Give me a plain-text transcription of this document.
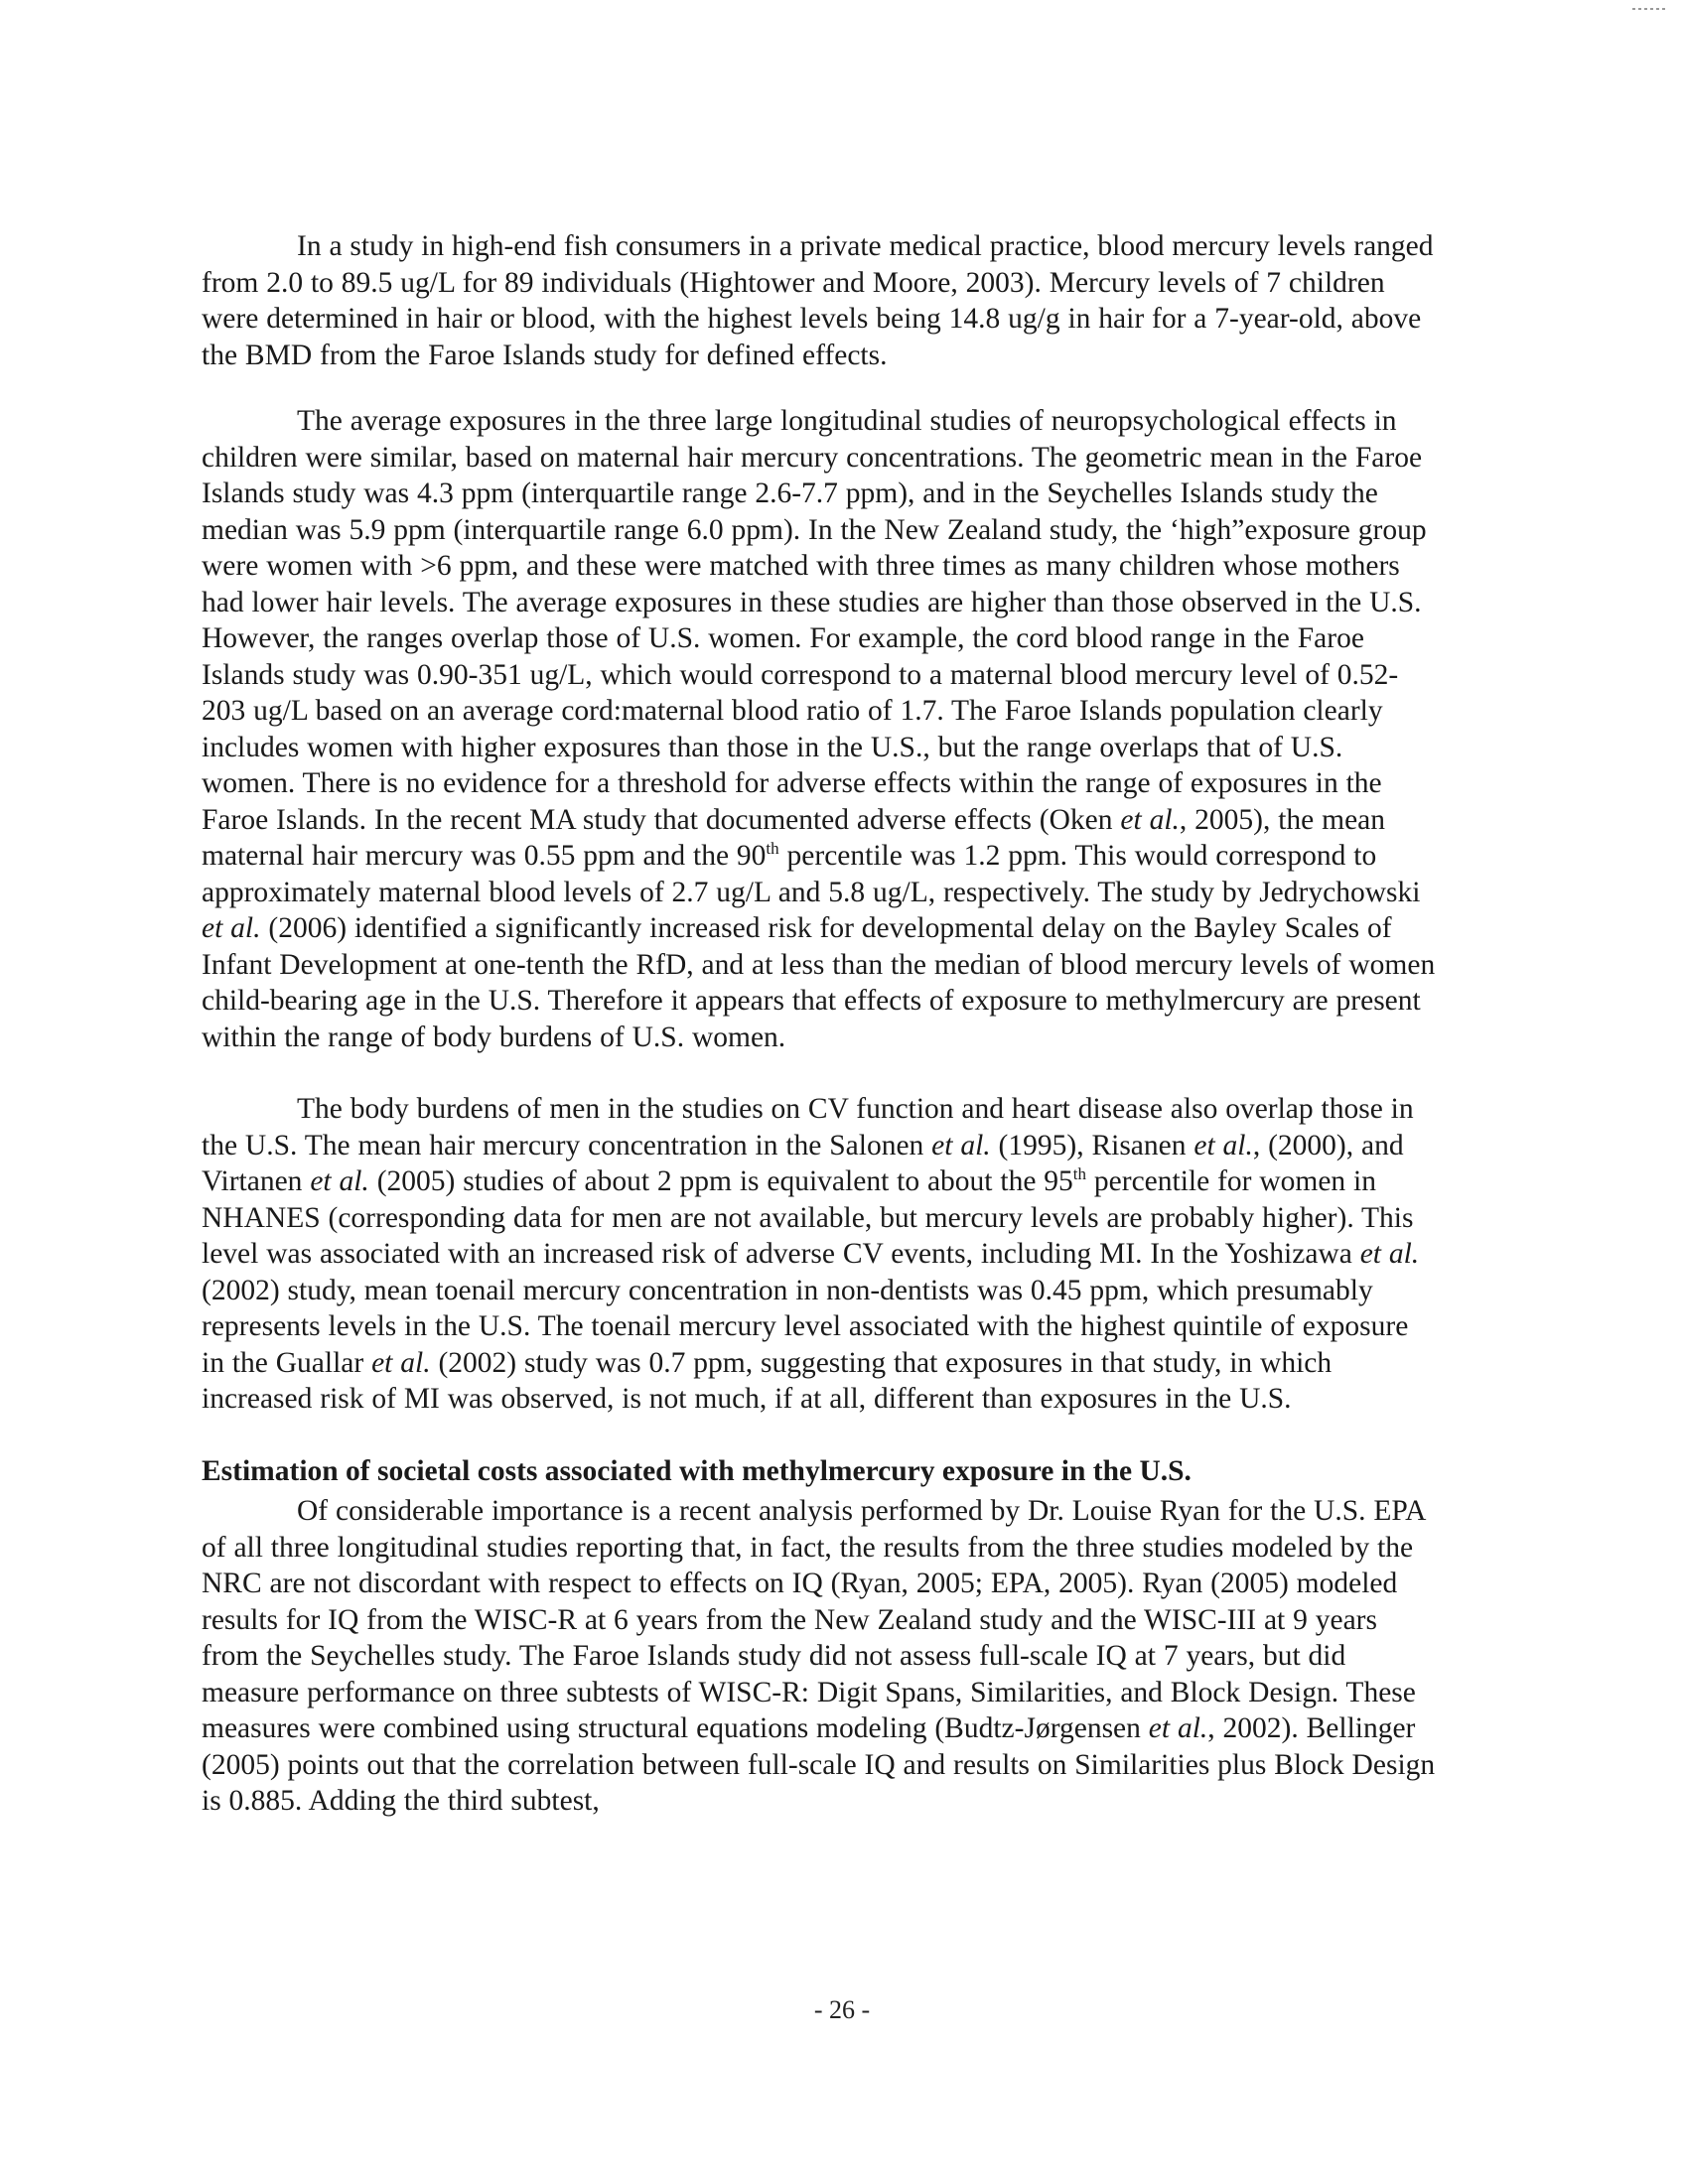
In a study in high-end fish consumers in a private medical practice, blood mercury levels ranged from 2.0 to 89.5 ug/L for 89 individuals (Hightower and Moore, 2003). Mercury levels of 7 children were determined in hair or blood, with the highest levels being 14.8 ug/g in hair for a 7-year-old, above the BMD from the Faroe Islands study for defined effects.

The average exposures in the three large longitudinal studies of neuropsychological effects in children were similar, based on maternal hair mercury concentrations. The geometric mean in the Faroe Islands study was 4.3 ppm (interquartile range 2.6-7.7 ppm), and in the Seychelles Islands study the median was 5.9 ppm (interquartile range 6.0 ppm). In the New Zealand study, the ‘high”exposure group were women with >6 ppm, and these were matched with three times as many children whose mothers had lower hair levels. The average exposures in these studies are higher than those observed in the U.S. However, the ranges overlap those of U.S. women. For example, the cord blood range in the Faroe Islands study was 0.90-351 ug/L, which would correspond to a maternal blood mercury level of 0.52-203 ug/L based on an average cord:maternal blood ratio of 1.7. The Faroe Islands population clearly includes women with higher exposures than those in the U.S., but the range overlaps that of U.S. women. There is no evidence for a threshold for adverse effects within the range of exposures in the Faroe Islands. In the recent MA study that documented adverse effects (Oken et al., 2005), the mean maternal hair mercury was 0.55 ppm and the 90th percentile was 1.2 ppm. This would correspond to approximately maternal blood levels of 2.7 ug/L and 5.8 ug/L, respectively. The study by Jedrychowski et al. (2006) identified a significantly increased risk for developmental delay on the Bayley Scales of Infant Development at one-tenth the RfD, and at less than the median of blood mercury levels of women child-bearing age in the U.S. Therefore it appears that effects of exposure to methylmercury are present within the range of body burdens of U.S. women.

The body burdens of men in the studies on CV function and heart disease also overlap those in the U.S. The mean hair mercury concentration in the Salonen et al. (1995), Risanen et al., (2000), and Virtanen et al. (2005) studies of about 2 ppm is equivalent to about the 95th percentile for women in NHANES (corresponding data for men are not available, but mercury levels are probably higher). This level was associated with an increased risk of adverse CV events, including MI. In the Yoshizawa et al. (2002) study, mean toenail mercury concentration in non-dentists was 0.45 ppm, which presumably represents levels in the U.S. The toenail mercury level associated with the highest quintile of exposure in the Guallar et al. (2002) study was 0.7 ppm, suggesting that exposures in that study, in which increased risk of MI was observed, is not much, if at all, different than exposures in the U.S.

Estimation of societal costs associated with methylmercury exposure in the U.S.

Of considerable importance is a recent analysis performed by Dr. Louise Ryan for the U.S. EPA of all three longitudinal studies reporting that, in fact, the results from the three studies modeled by the NRC are not discordant with respect to effects on IQ (Ryan, 2005; EPA, 2005). Ryan (2005) modeled results for IQ from the WISC-R at 6 years from the New Zealand study and the WISC-III at 9 years from the Seychelles study. The Faroe Islands study did not assess full-scale IQ at 7 years, but did measure performance on three subtests of WISC-R: Digit Spans, Similarities, and Block Design. These measures were combined using structural equations modeling (Budtz-Jørgensen et al., 2002). Bellinger (2005) points out that the correlation between full-scale IQ and results on Similarities plus Block Design is 0.885. Adding the third subtest,

- 26 -
